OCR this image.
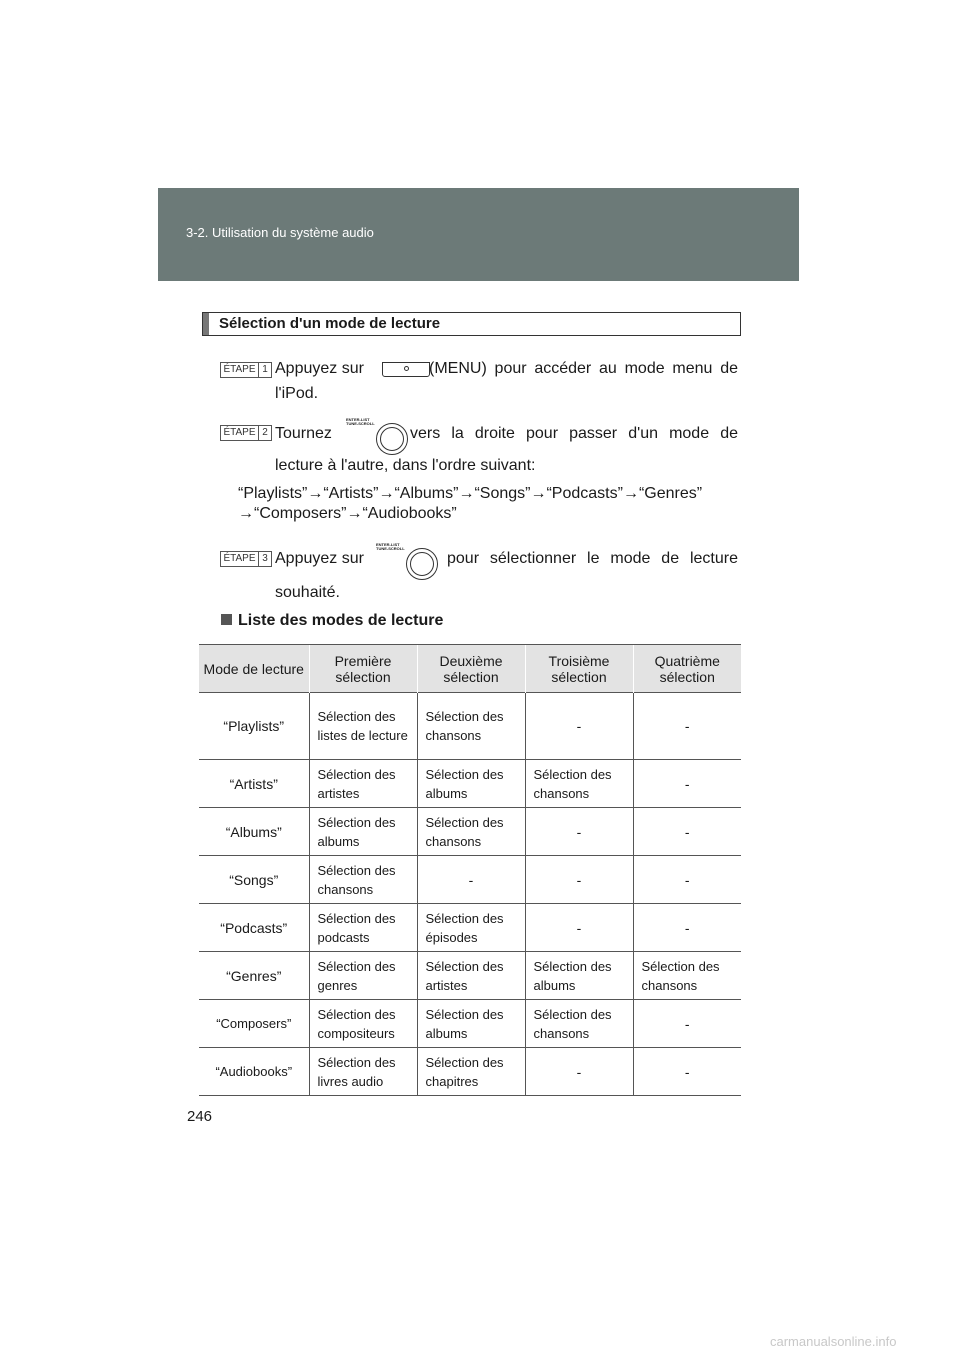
3-2. Utilisation du système audio
Sélection d'un mode de lecture
ÉTAPE 1 Appuyez sur	(MENU) pour accéder au mode menu de
l'iPod.
ÉTAPE 2 Tournez
ENTER-LIST
TUNE-SCROLL
vers la droite pour passer d'un mode de
lecture à l'autre, dans l'ordre suivant:
“Playlists”→“Artists”→“Albums”→“Songs”→“Podcasts”→“Genres”
→“Composers”→“Audiobooks”
ÉTAPE 3 Appuyez sur
ENTER-LIST
TUNE-SCROLL
pour sélectionner le mode de lecture
souhaité.
Liste des modes de lecture
Mode de lecture	Première sélection	Deuxième sélection	Troisième sélection	Quatrième sélection
“Playlists”	Sélection des listes de lecture	Sélection des chansons	-	-
“Artists”	Sélection des artistes	Sélection des albums	Sélection des chansons	-
“Albums”	Sélection des albums	Sélection des chansons	-	-
“Songs”	Sélection des chansons	-	-	-
“Podcasts”	Sélection des podcasts	Sélection des épisodes	-	-
“Genres”	Sélection des genres	Sélection des artistes	Sélection des albums	Sélection des chansons
“Composers”	Sélection des compositeurs	Sélection des albums	Sélection des chansons	-
“Audiobooks”	Sélection des livres audio	Sélection des chapitres	-	-
246
carmanualsonline.info
